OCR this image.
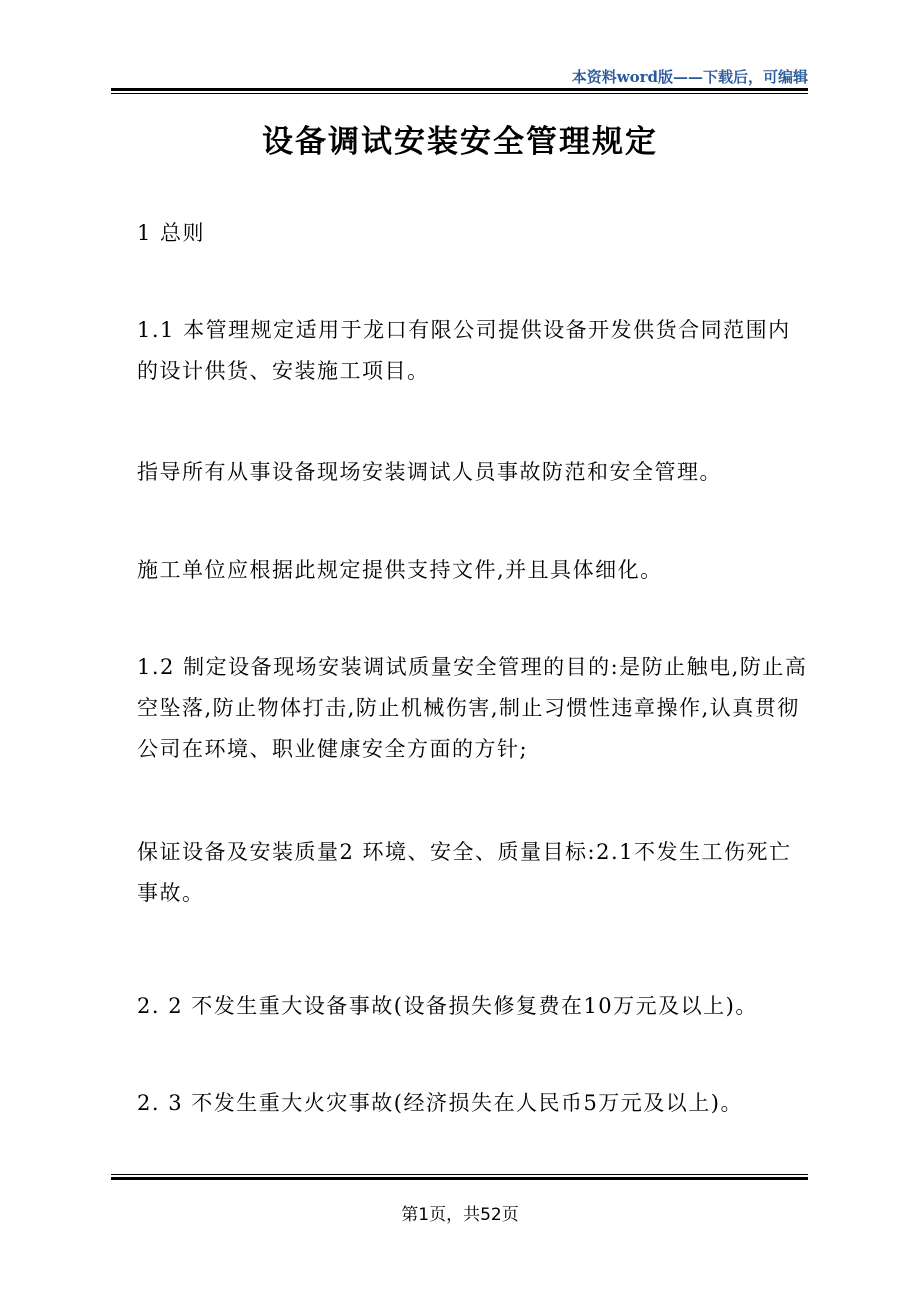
本资料word版——下载后，可编辑
设备调试安装安全管理规定
1 总则
1.1 本管理规定适用于龙口有限公司提供设备开发供货合同范围内的设计供货、安装施工项目。
指导所有从事设备现场安装调试人员事故防范和安全管理。
施工单位应根据此规定提供支持文件,并且具体细化。
1.2 制定设备现场安装调试质量安全管理的目的:是防止触电,防止高空坠落,防止物体打击,防止机械伤害,制止习惯性违章操作,认真贯彻公司在环境、职业健康安全方面的方针;
保证设备及安装质量2 环境、安全、质量目标:2.1不发生工伤死亡事故。
2. 2 不发生重大设备事故(设备损失修复费在10万元及以上)。
2. 3 不发生重大火灾事故(经济损失在人民币5万元及以上)。
第1页，共52页
